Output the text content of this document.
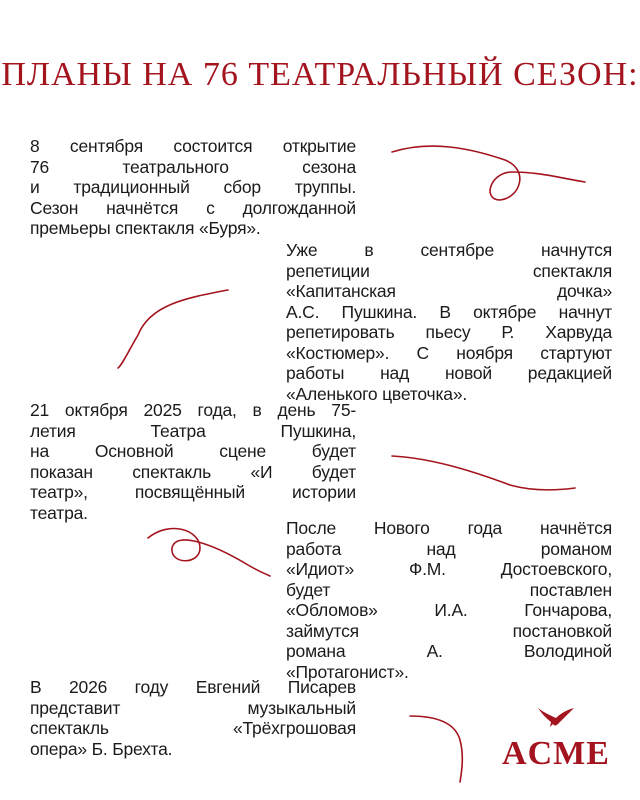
ПЛАНЫ НА 76 ТЕАТРАЛЬНЫЙ СЕЗОН:
8 сентября состоится открытие
76 театрального сезона
и традиционный сбор труппы.
Сезон начнётся с долгожданной
премьеры спектакля «Буря».
Уже в сентябре начнутся
репетиции спектакля
«Капитанская дочка»
А.С. Пушкина. В октябре начнут
репетировать пьесу Р. Харвуда
«Костюмер». С ноября стартуют
работы над новой редакцией
«Аленького цветочка».
21 октября 2025 года, в день 75-
летия Театра Пушкина,
на Основной сцене будет
показан спектакль «И будет
театр», посвящённый истории
театра.
После Нового года начнётся
работа над романом
«Идиот» Ф.М. Достоевского,
будет поставлен
«Обломов» И.А. Гончарова,
займутся постановкой
романа А. Володиной
«Протагонист».
В 2026 году Евгений Писарев
представит музыкальный
спектакль «Трёхгрошовая
опера» Б. Брехта.	ACME
